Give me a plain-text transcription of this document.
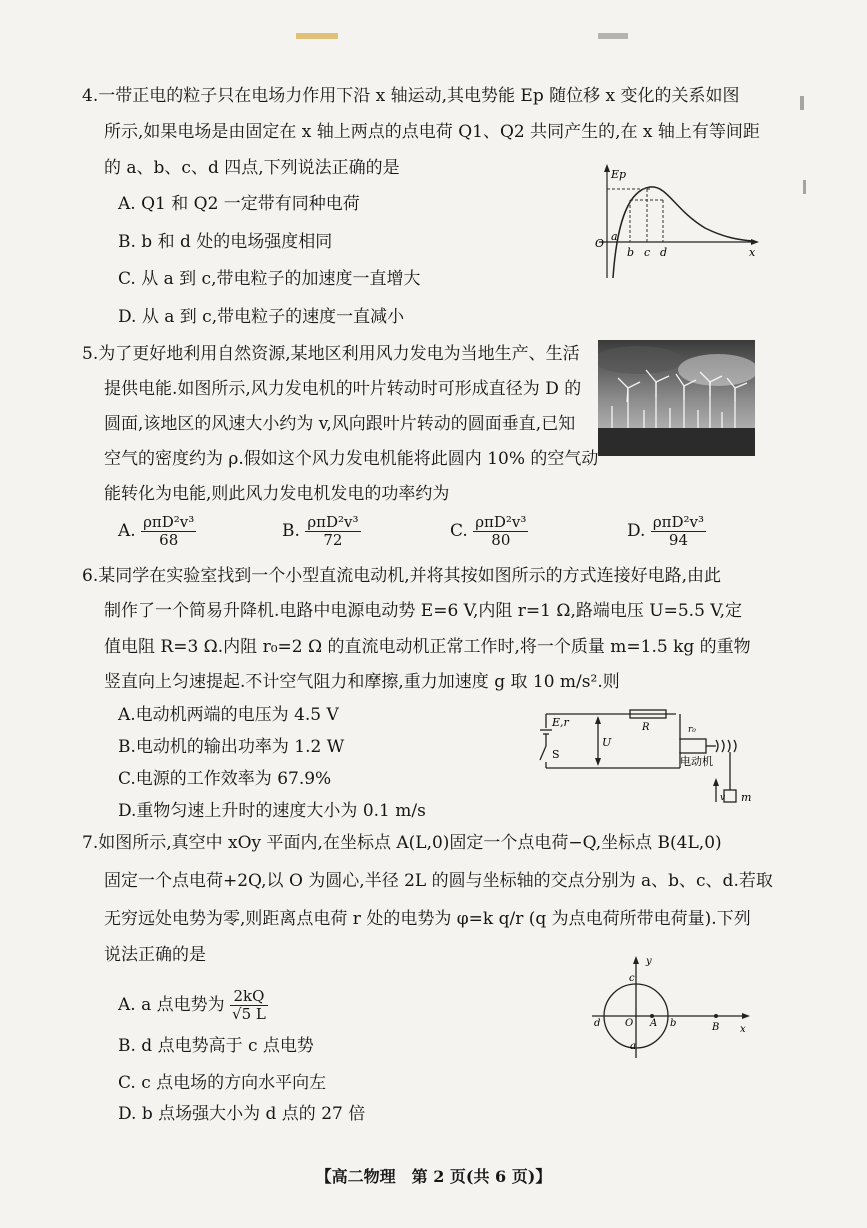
4.一带正电的粒子只在电场力作用下沿 x 轴运动,其电势能 Ep 随位移 x 变化的关系如图
所示,如果电场是由固定在 x 轴上两点的点电荷 Q1、Q2 共同产生的,在 x 轴上有等间距
的 a、b、c、d 四点,下列说法正确的是
A. Q1 和 Q2 一定带有同种电荷
B. b 和 d 处的电场强度相同
C. 从 a 到 c,带电粒子的加速度一直增大
D. 从 a 到 c,带电粒子的速度一直减小
Ep
x
O
a
b c d
5.为了更好地利用自然资源,某地区利用风力发电为当地生产、生活
提供电能.如图所示,风力发电机的叶片转动时可形成直径为 D 的
圆面,该地区的风速大小约为 v,风向跟叶片转动的圆面垂直,已知
空气的密度约为 ρ.假如这个风力发电机能将此圆内 10% 的空气动
能转化为电能,则此风力发电机发电的功率约为
A. $\frac{\text{ρπD²v³}}{68}$	B. $\frac{\text{ρπD²v³}}{72}$	C. $\frac{\text{ρπD²v³}}{80}$	D. $\frac{\text{ρπD²v³}}{94}$
6.某同学在实验室找到一个小型直流电动机,并将其按如图所示的方式连接好电路,由此
制作了一个简易升降机.电路中电源电动势 E=6 V,内阻 r=1 Ω,路端电压 U=5.5 V,定
值电阻 R=3 Ω.内阻 r₀=2 Ω 的直流电动机正常工作时,将一个质量 m=1.5 kg 的重物
竖直向上匀速提起.不计空气阻力和摩擦,重力加速度 g 取 10 m/s².则
A.电动机两端的电压为 4.5 V
B.电动机的输出功率为 1.2 W
C.电源的工作效率为 67.9%
D.重物匀速上升时的速度大小为 0.1 m/s
E,r
S
U
R	r₀
电动机
v m
7.如图所示,真空中 xOy 平面内,在坐标点 A(L,0)固定一个点电荷−Q,坐标点 B(4L,0)
固定一个点电荷+2Q,以 O 为圆心,半径 2L 的圆与坐标轴的交点分别为 a、b、c、d.若取
无穷远处电势为零,则距离点电荷 r 处的电势为 φ=k q/r (q 为点电荷所带电荷量).下列
说法正确的是
A. a 点电势为 $\frac{2kQ}{√5 L}$
B. d 点电势高于 c 点电势
C. c 点电场的方向水平向左
D. b 点场强大小为 d 点的 27 倍
y
x
a
b
c
d O A	B
【高二物理　第 2 页(共 6 页)】
